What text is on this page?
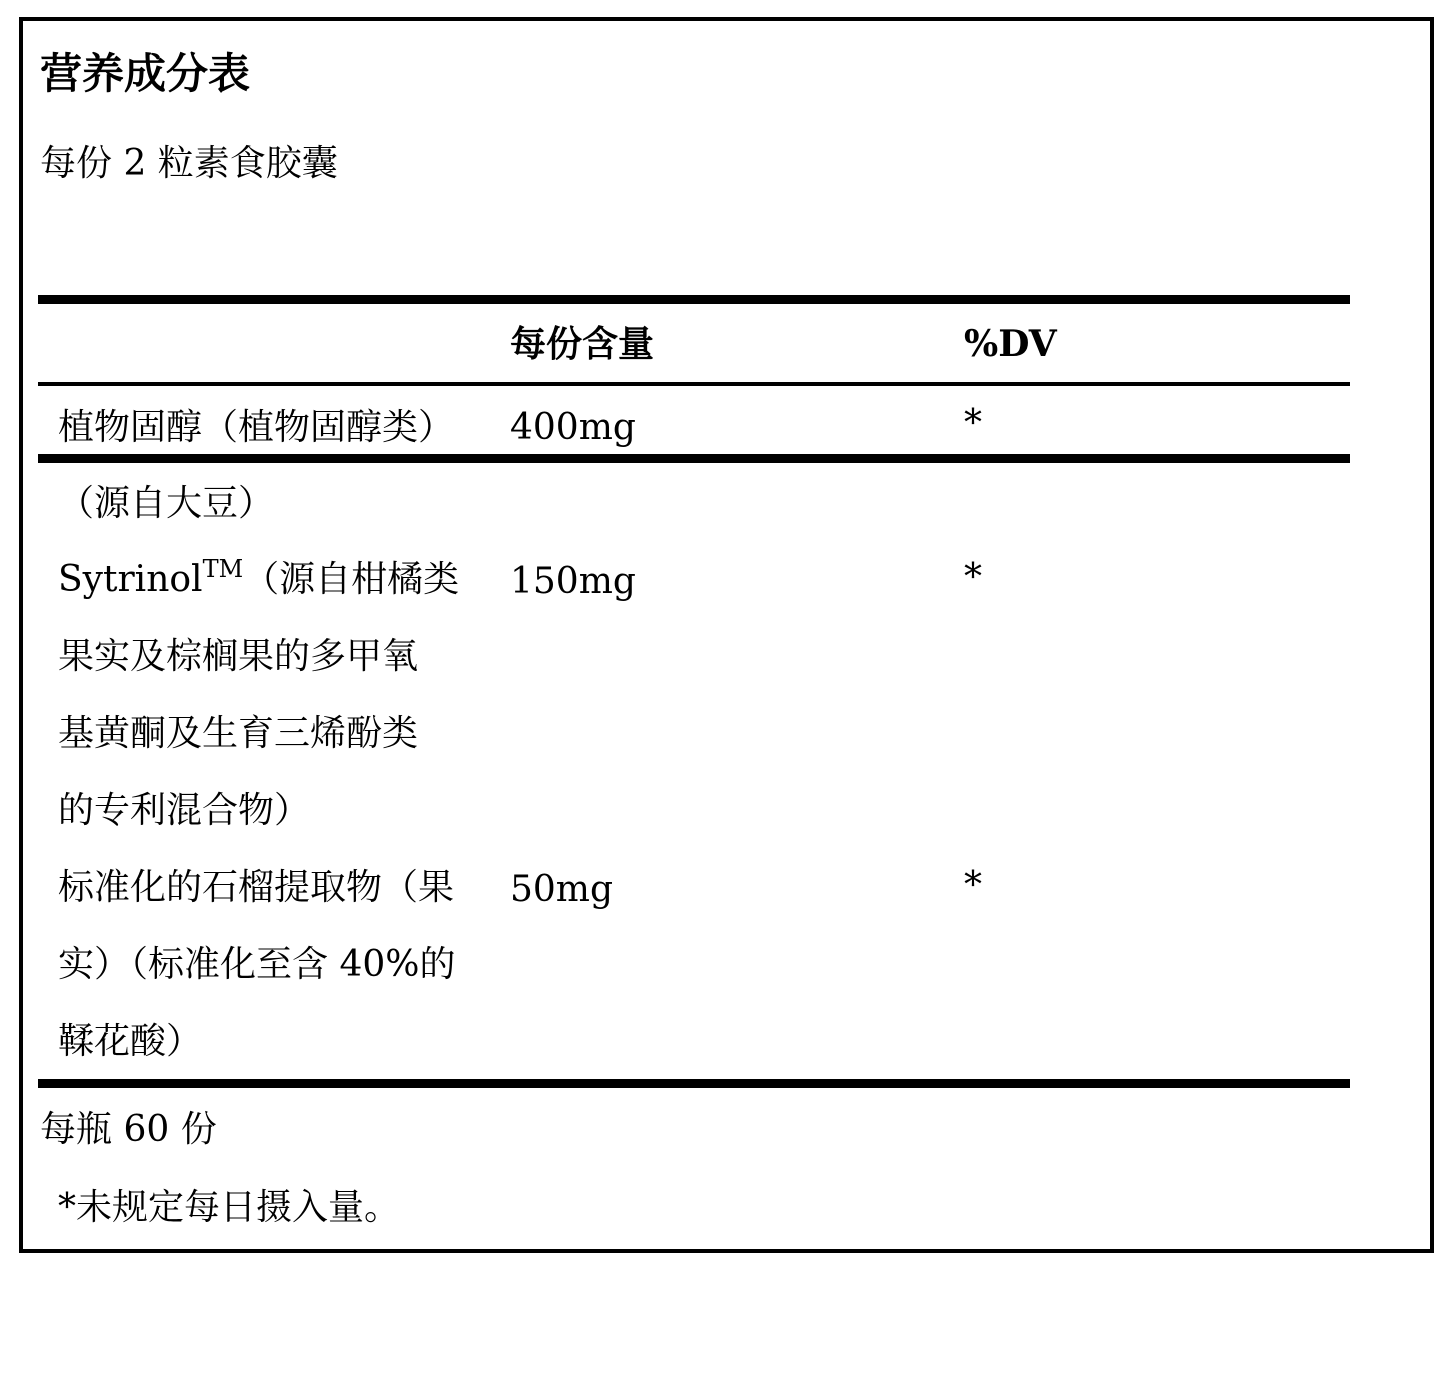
营养成分表
每份 2 粒素食胶囊
每份含量	%DV
植物固醇（植物固醇类） 400mg	*
（源自大豆）
Sytrinol™（源自柑橘类 150mg	*
果实及棕榈果的多甲氧
基黄酮及生育三烯酚类
的专利混合物）
标准化的石榴提取物（果 50mg	*
实）（标准化至含 40%的
鞣花酸）
每瓶 60 份
*未规定每日摄入量。
